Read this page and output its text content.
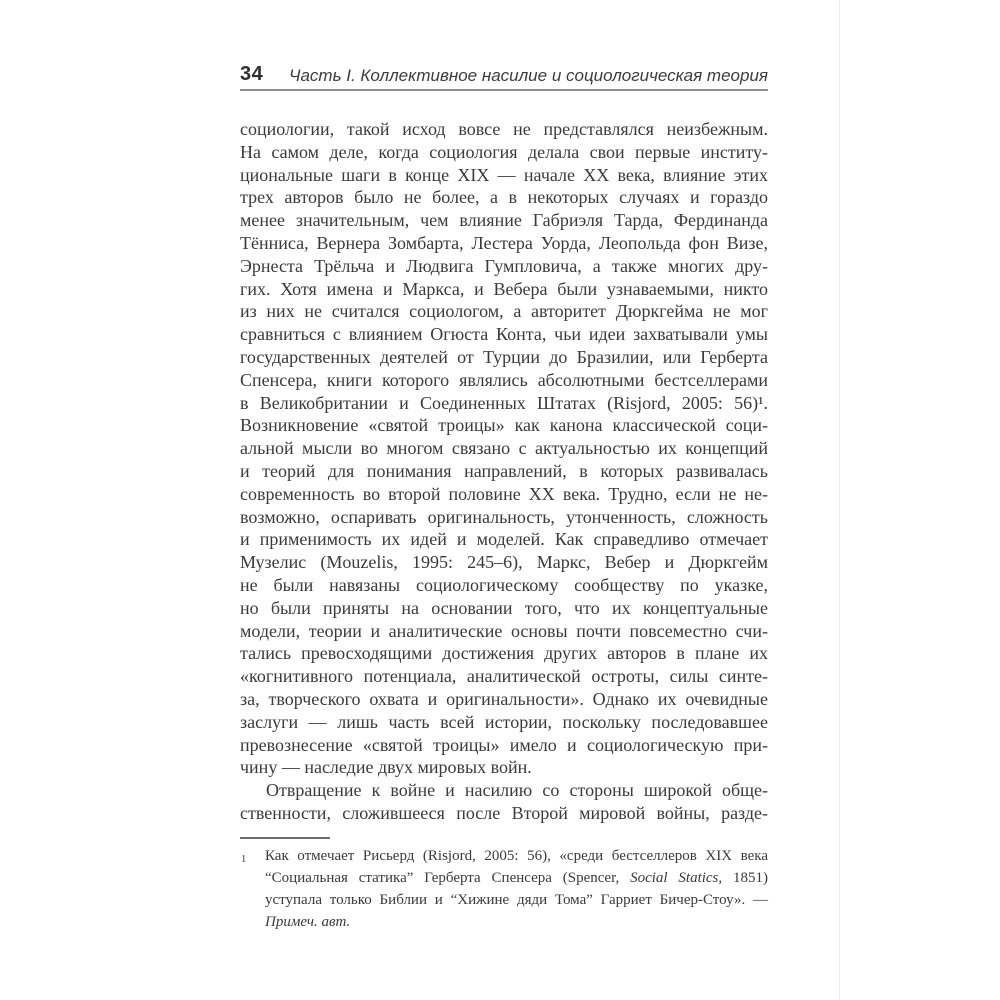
34 Часть I. Коллективное насилие и социологическая теория
социологии, такой исход вовсе не представлялся неизбежным.
На самом деле, когда социология делала свои первые институ-
циональные шаги в конце XIX — начале XX века, влияние этих
трех авторов было не более, а в некоторых случаях и гораздо
менее значительным, чем влияние Габриэля Тарда, Фердинанда
Тённиса, Вернера Зомбарта, Лестера Уорда, Леопольда фон Визе,
Эрнеста Трёльча и Людвига Гумпловича, а также многих дру-
гих. Хотя имена и Маркса, и Вебера были узнаваемыми, никто
из них не считался социологом, а авторитет Дюркгейма не мог
сравниться с влиянием Огюста Конта, чьи идеи захватывали умы
государственных деятелей от Турции до Бразилии, или Герберта
Спенсера, книги которого являлись абсолютными бестселлерами
в Великобритании и Соединенных Штатах (Risjord, 2005: 56)¹.
Возникновение «святой троицы» как канона классической соци-
альной мысли во многом связано с актуальностью их концепций
и теорий для понимания направлений, в которых развивалась
современность во второй половине XX века. Трудно, если не не-
возможно, оспаривать оригинальность, утонченность, сложность
и применимость их идей и моделей. Как справедливо отмечает
Музелис (Mouzelis, 1995: 245–6), Маркс, Вебер и Дюркгейм
не были навязаны социологическому сообществу по указке,
но были приняты на основании того, что их концептуальные
модели, теории и аналитические основы почти повсеместно счи-
тались превосходящими достижения других авторов в плане их
«когнитивного потенциала, аналитической остроты, силы синте-
за, творческого охвата и оригинальности». Однако их очевидные
заслуги — лишь часть всей истории, поскольку последовавшее
превознесение «святой троицы» имело и социологическую при-
чину — наследие двух мировых войн.
Отвращение к войне и насилию со стороны широкой обще-
ственности, сложившееся после Второй мировой войны, разде-
1 Как отмечает Рисьерд (Risjord, 2005: 56), «среди бестселлеров XIX века
“Социальная статика” Герберта Спенсера (Spencer, Social Statics, 1851)
уступала только Библии и “Хижине дяди Тома” Гарриет Бичер-Стоу». —
Примеч. авт.
